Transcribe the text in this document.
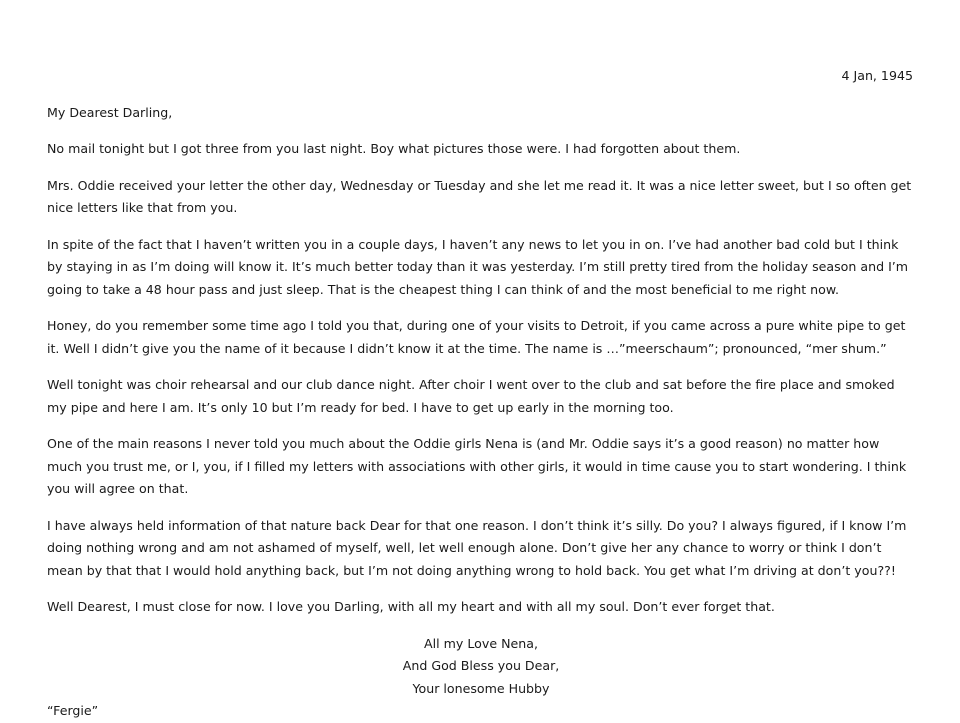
4 Jan, 1945
My Dearest Darling,
No mail tonight but I got three from you last night. Boy what pictures those were. I had forgotten about them.
Mrs. Oddie received your letter the other day, Wednesday or Tuesday and she let me read it. It was a nice letter sweet, but I so often get nice letters like that from you.
In spite of the fact that I haven’t written you in a couple days, I haven’t any news to let you in on. I’ve had another bad cold but I think by staying in as I’m doing will know it. It’s much better today than it was yesterday. I’m still pretty tired from the holiday season and I’m going to take a 48 hour pass and just sleep. That is the cheapest thing I can think of and the most beneficial to me right now.
Honey, do you remember some time ago I told you that, during one of your visits to Detroit, if you came across a pure white pipe to get it. Well I didn’t give you the name of it because I didn’t know it at the time. The name is …”meerschaum”; pronounced, “mer shum.”
Well tonight was choir rehearsal and our club dance night. After choir I went over to the club and sat before the fire place and smoked my pipe and here I am. It’s only 10 but I’m ready for bed. I have to get up early in the morning too.
One of the main reasons I never told you much about the Oddie girls Nena is (and Mr. Oddie says it’s a good reason) no matter how much you trust me, or I, you, if I filled my letters with associations with other girls, it would in time cause you to start wondering. I think you will agree on that.
I have always held information of that nature back Dear for that one reason. I don’t think it’s silly. Do you? I always figured, if I know I’m doing nothing wrong and am not ashamed of myself, well, let well enough alone. Don’t give her any chance to worry or think I don’t mean by that that I would hold anything back, but I’m not doing anything wrong to hold back. You get what I’m driving at don’t you??!
Well Dearest, I must close for now. I love you Darling, with all my heart and with all my soul. Don’t ever forget that.
All my Love Nena,
And God Bless you Dear,
Your lonesome Hubby
“Fergie”
